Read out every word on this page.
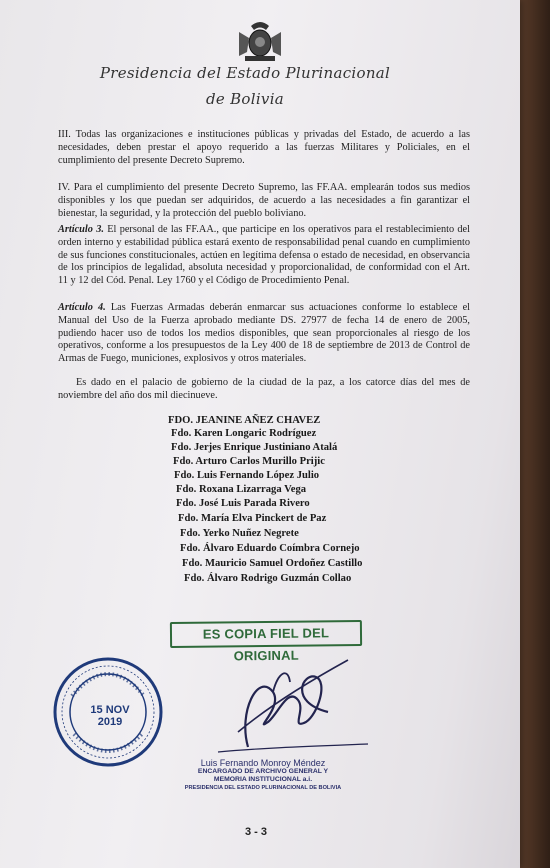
Presidencia del Estado Plurinacional
de Bolivia
III. Todas las organizaciones e instituciones públicas y privadas del Estado, de acuerdo a las necesidades, deben prestar el apoyo requerido a las fuerzas Militares y Policiales, en el cumplimiento del presente Decreto Supremo.
IV. Para el cumplimiento del presente Decreto Supremo, las FF.AA. emplearán todos sus medios disponibles y los que puedan ser adquiridos, de acuerdo a las necesidades a fin garantizar el bienestar, la seguridad, y la protección del pueblo boliviano.
Artículo 3. El personal de las FF.AA., que participe en los operativos para el restablecimiento del orden interno y estabilidad pública estará exento de responsabilidad penal cuando en cumplimiento de sus funciones constitucionales, actúen en legítima defensa o estado de necesidad, en observancia de los principios de legalidad, absoluta necesidad y proporcionalidad, de conformidad con el Art. 11 y 12 del Cód. Penal. Ley 1760 y el Código de Procedimiento Penal.
Artículo 4. Las Fuerzas Armadas deberán enmarcar sus actuaciones conforme lo establece el Manual del Uso de la Fuerza aprobado mediante DS. 27977 de fecha 14 de enero de 2005, pudiendo hacer uso de todos los medios disponibles, que sean proporcionales al riesgo de los operativos, conforme a los presupuestos de la Ley 400 de 18 de septiembre de 2013 de Control de Armas de Fuego, municiones, explosivos y otros materiales.
Es dado en el palacio de gobierno de la ciudad de la paz, a los catorce días del mes de noviembre del año dos mil diecinueve.
FDO. JEANINE AÑEZ CHAVEZ
Fdo. Karen Longaric Rodríguez
Fdo. Jerjes Enrique Justiniano Atalá
Fdo. Arturo Carlos Murillo Prijic
Fdo. Luis Fernando López Julio
Fdo. Roxana Lizarraga Vega
Fdo. José Luis Parada Rivero
Fdo. María Elva Pinckert de Paz
Fdo. Yerko Nuñez Negrete
Fdo. Álvaro Eduardo Coímbra Cornejo
Fdo. Mauricio Samuel Ordoñez Castillo
Fdo. Álvaro Rodrigo Guzmán Collao
ES COPIA FIEL DEL ORIGINAL
15 NOV 2019
Luis Fernando Monroy Méndez
ENCARGADO DE ARCHIVO GENERAL Y
MEMORIA INSTITUCIONAL a.i.
PRESIDENCIA DEL ESTADO PLURINACIONAL DE BOLIVIA
3 - 3
